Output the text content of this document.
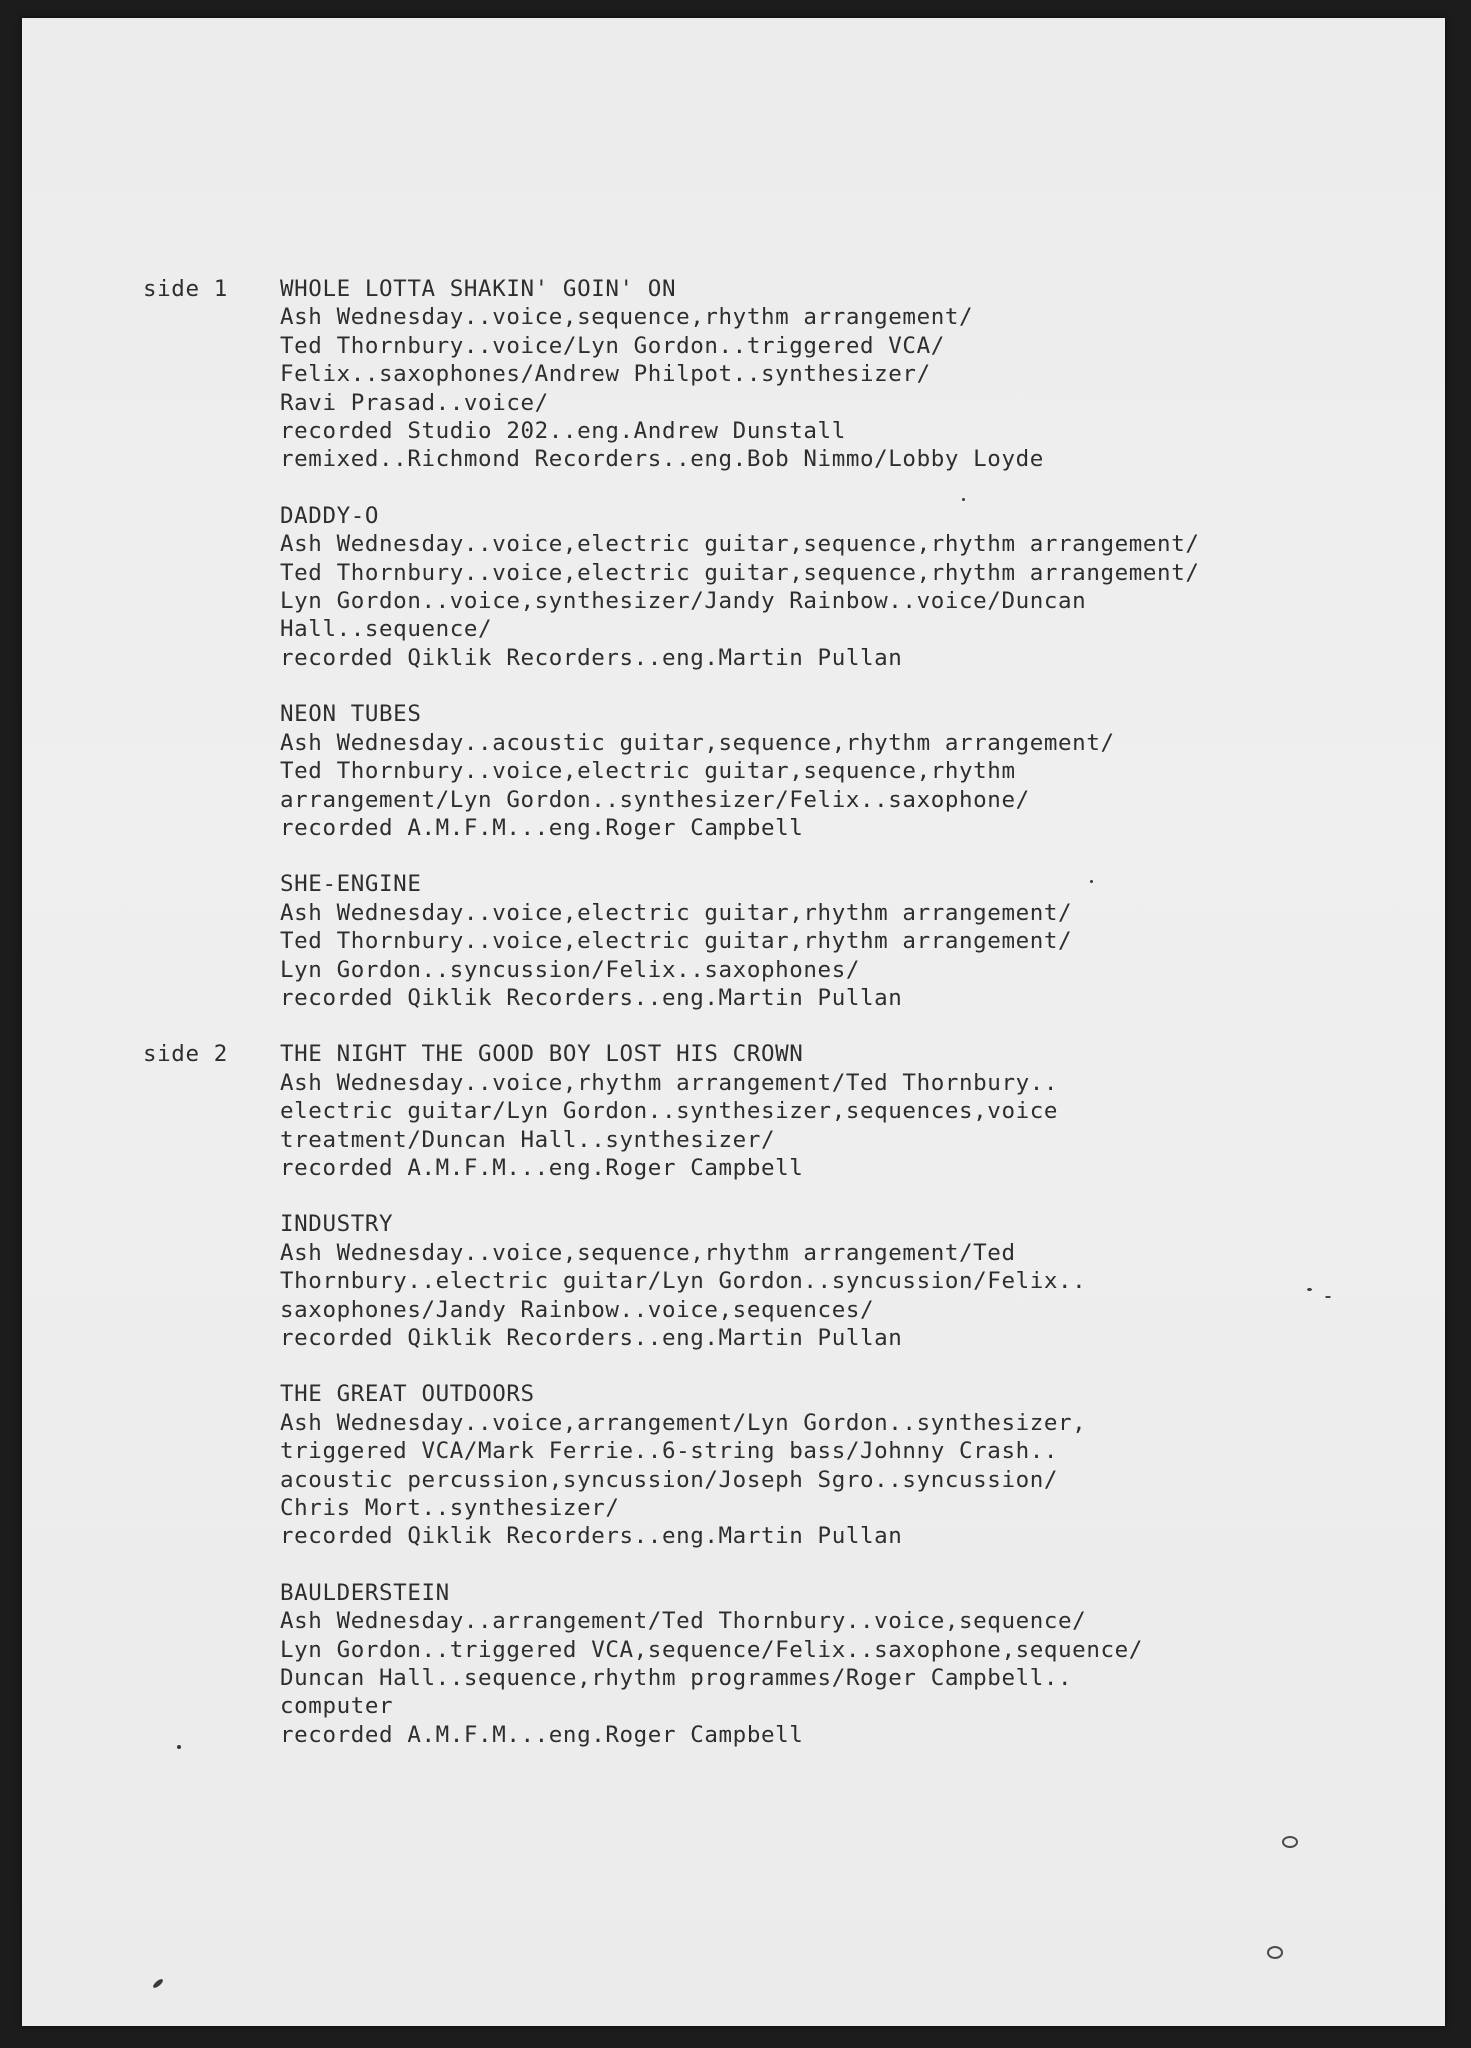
side 1	WHOLE LOTTA SHAKIN' GOIN' ON
Ash Wednesday..voice,sequence,rhythm arrangement/
Ted Thornbury..voice/Lyn Gordon..triggered VCA/
Felix..saxophones/Andrew Philpot..synthesizer/
Ravi Prasad..voice/
recorded Studio 202..eng.Andrew Dunstall
remixed..Richmond Recorders..eng.Bob Nimmo/Lobby Loyde
DADDY-O
Ash Wednesday..voice,electric guitar,sequence,rhythm arrangement/
Ted Thornbury..voice,electric guitar,sequence,rhythm arrangement/
Lyn Gordon..voice,synthesizer/Jandy Rainbow..voice/Duncan
Hall..sequence/
recorded Qiklik Recorders..eng.Martin Pullan
NEON TUBES
Ash Wednesday..acoustic guitar,sequence,rhythm arrangement/
Ted Thornbury..voice,electric guitar,sequence,rhythm
arrangement/Lyn Gordon..synthesizer/Felix..saxophone/
recorded A.M.F.M...eng.Roger Campbell
SHE-ENGINE
Ash Wednesday..voice,electric guitar,rhythm arrangement/
Ted Thornbury..voice,electric guitar,rhythm arrangement/
Lyn Gordon..syncussion/Felix..saxophones/
recorded Qiklik Recorders..eng.Martin Pullan
side 2	THE NIGHT THE GOOD BOY LOST HIS CROWN
Ash Wednesday..voice,rhythm arrangement/Ted Thornbury..
electric guitar/Lyn Gordon..synthesizer,sequences,voice
treatment/Duncan Hall..synthesizer/
recorded A.M.F.M...eng.Roger Campbell
INDUSTRY
Ash Wednesday..voice,sequence,rhythm arrangement/Ted
Thornbury..electric guitar/Lyn Gordon..syncussion/Felix..
saxophones/Jandy Rainbow..voice,sequences/
recorded Qiklik Recorders..eng.Martin Pullan
THE GREAT OUTDOORS
Ash Wednesday..voice,arrangement/Lyn Gordon..synthesizer,
triggered VCA/Mark Ferrie..6-string bass/Johnny Crash..
acoustic percussion,syncussion/Joseph Sgro..syncussion/
Chris Mort..synthesizer/
recorded Qiklik Recorders..eng.Martin Pullan
BAULDERSTEIN
Ash Wednesday..arrangement/Ted Thornbury..voice,sequence/
Lyn Gordon..triggered VCA,sequence/Felix..saxophone,sequence/
Duncan Hall..sequence,rhythm programmes/Roger Campbell..
computer
recorded A.M.F.M...eng.Roger Campbell
